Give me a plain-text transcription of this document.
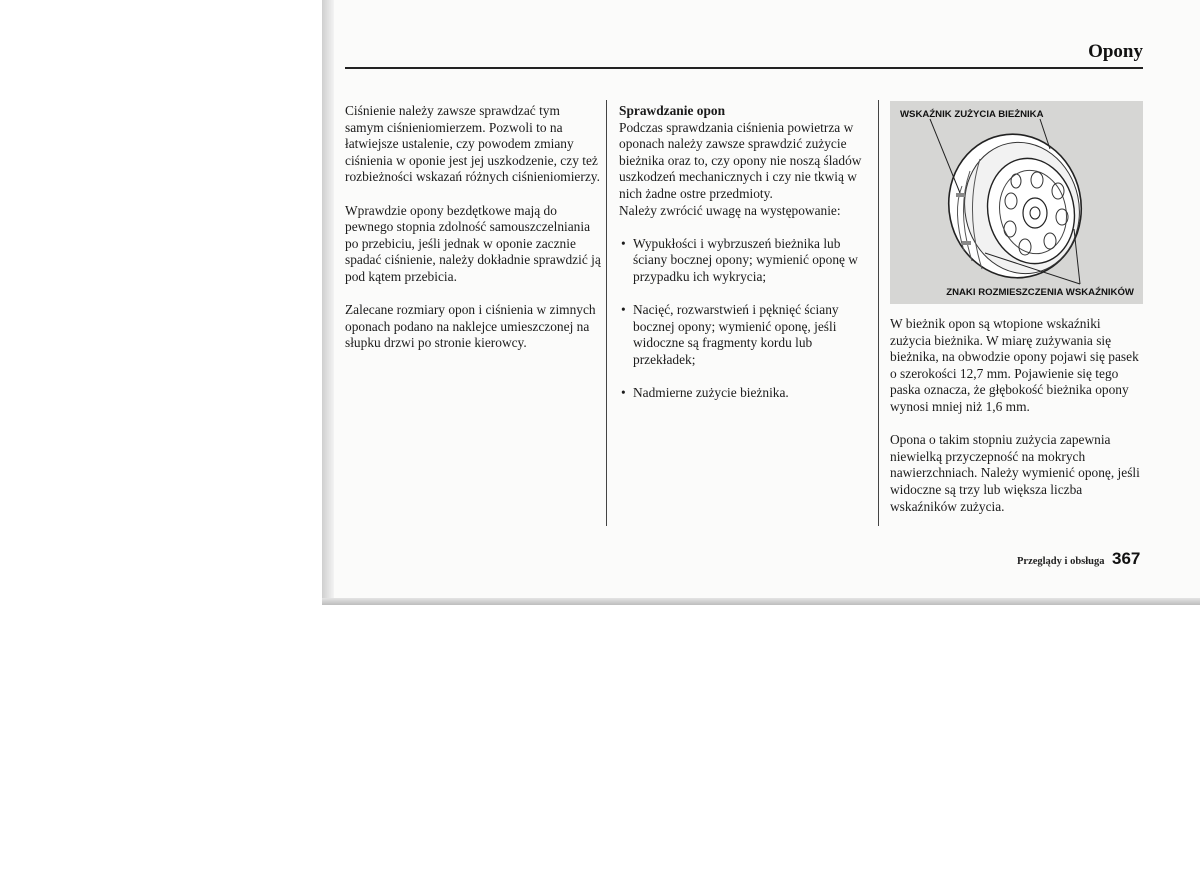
Opony

Ciśnienie należy zawsze sprawdzać tym samym ciśnieniomierzem. Pozwoli to na łatwiejsze ustalenie, czy powodem zmiany ciśnienia w oponie jest jej uszkodzenie, czy też rozbieżności wskazań różnych ciśnieniomierzy.

Wprawdzie opony bezdętkowe mają do pewnego stopnia zdolność samouszczelniania po przebiciu, jeśli jednak w oponie zacznie spadać ciśnienie, należy dokładnie sprawdzić ją pod kątem przebicia.

Zalecane rozmiary opon i ciśnienia w zimnych oponach podano na naklejce umieszczonej na słupku drzwi po stronie kierowcy.

Sprawdzanie opon
Podczas sprawdzania ciśnienia powietrza w oponach należy zawsze sprawdzić zużycie bieżnika oraz to, czy opony nie noszą śladów uszkodzeń mechanicznych i czy nie tkwią w nich żadne ostre przedmioty.

Należy zwrócić uwagę na występowanie:

• Wypukłości i wybrzuszeń bieżnika lub ściany bocznej opony; wymienić oponę w przypadku ich wykrycia;
• Nacięć, rozwarstwień i pęknięć ściany bocznej opony; wymienić oponę, jeśli widoczne są fragmenty kordu lub przekładek;
• Nadmierne zużycie bieżnika.
WSKAŹNIK ZUŻYCIA BIEŻNIKA
ZNAKI ROZMIESZCZENIA WSKAŹNIKÓW

W bieżnik opon są wtopione wskaźniki zużycia bieżnika. W miarę zużywania się bieżnika, na obwodzie opony pojawi się pasek o szerokości 12,7 mm. Pojawienie się tego paska oznacza, że głębokość bieżnika opony wynosi mniej niż 1,6 mm.

Opona o takim stopniu zużycia zapewnia niewielką przyczepność na mokrych nawierzchniach. Należy wymienić oponę, jeśli widoczne są trzy lub większa liczba wskaźników zużycia.

Przeglądy i obsługa 367
